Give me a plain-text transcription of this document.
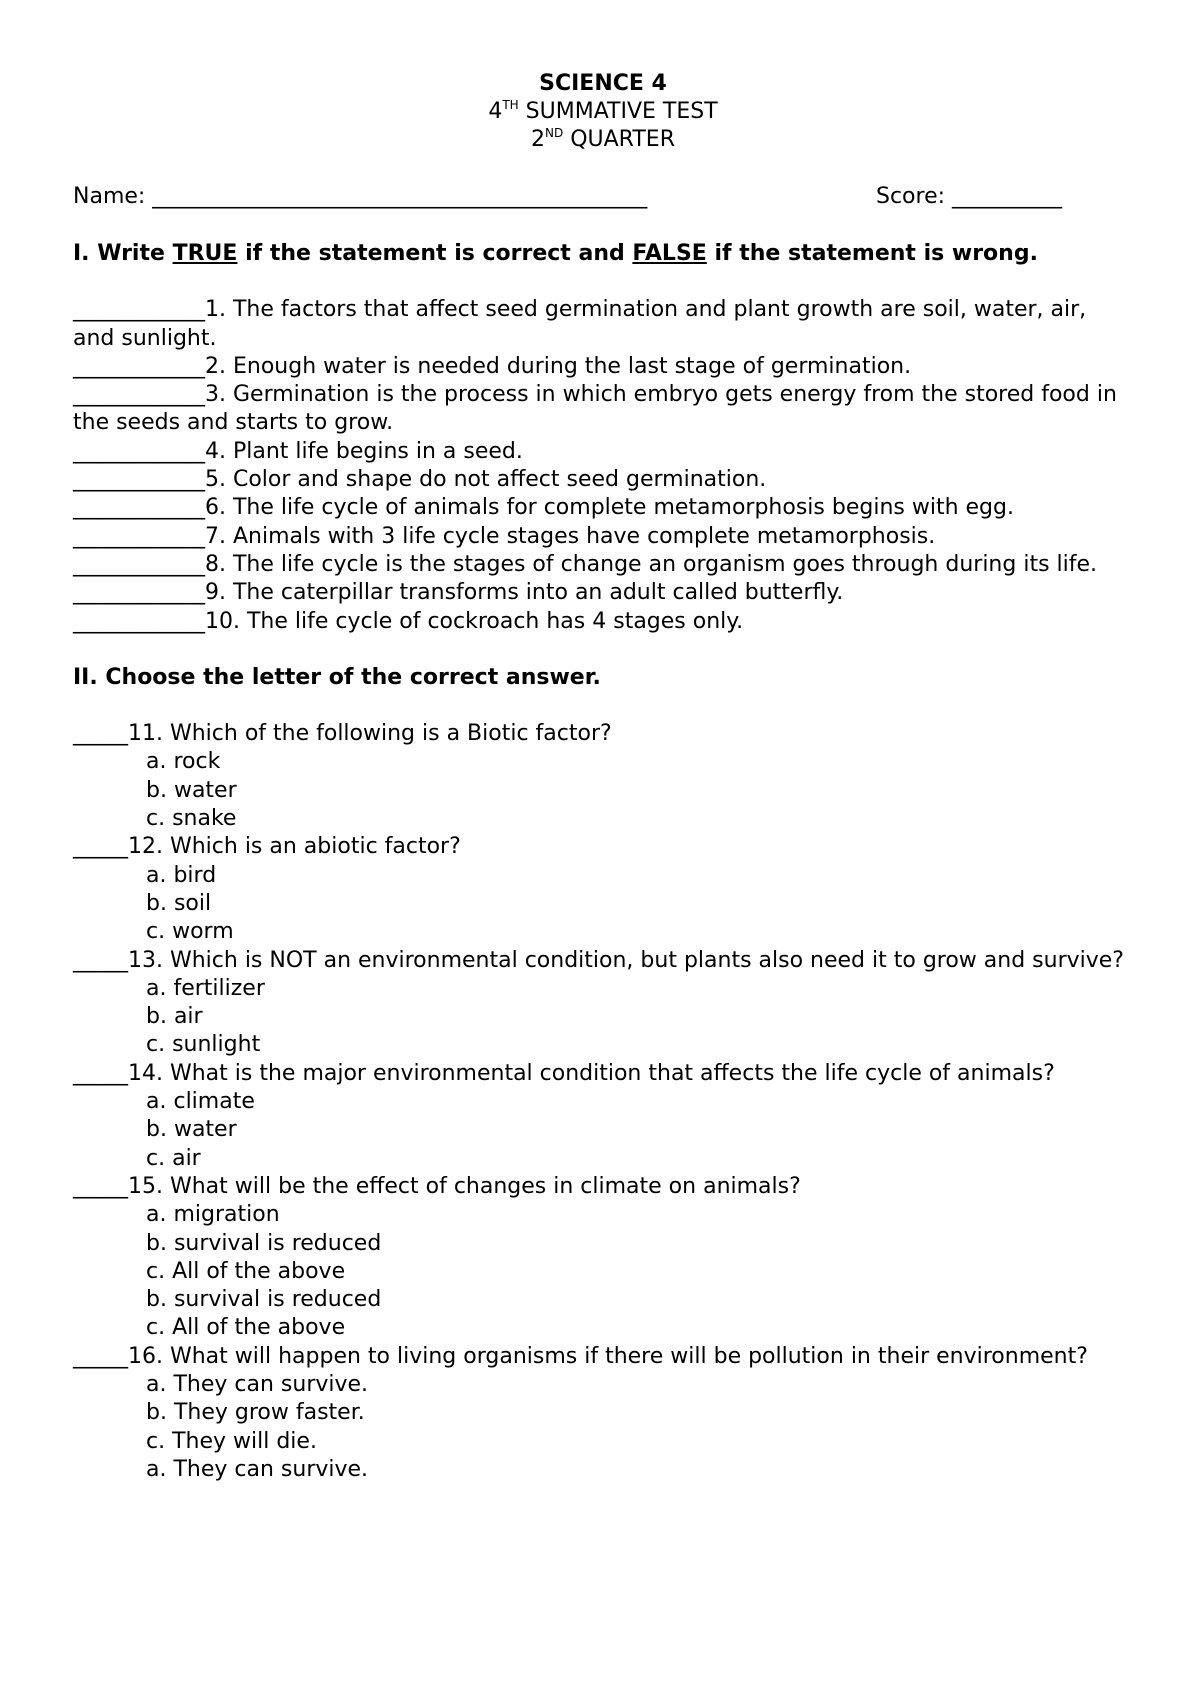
SCIENCE 4
4TH SUMMATIVE TEST
2ND QUARTER
Name: _____________________________________________	Score: __________
I. Write TRUE if the statement is correct and FALSE if the statement is wrong.
____________1. The factors that affect seed germination and plant growth are soil, water, air, and sunlight.
____________2. Enough water is needed during the last stage of germination.
____________3. Germination is the process in which embryo gets energy from the stored food in the seeds and starts to grow.
____________4. Plant life begins in a seed.
____________5. Color and shape do not affect seed germination.
____________6. The life cycle of animals for complete metamorphosis begins with egg.
____________7. Animals with 3 life cycle stages have complete metamorphosis.
____________8. The life cycle is the stages of change an organism goes through during its life.
____________9. The caterpillar transforms into an adult called butterfly.
____________10. The life cycle of cockroach has 4 stages only.
II. Choose the letter of the correct answer.
_____11. Which of the following is a Biotic factor?
a. rock
b. water
c. snake
_____12. Which is an abiotic factor?
a. bird
b. soil
c. worm
_____13. Which is NOT an environmental condition, but plants also need it to grow and survive?
a. fertilizer
b. air
c. sunlight
_____14. What is the major environmental condition that affects the life cycle of animals?
a. climate
b. water
c. air
_____15. What will be the effect of changes in climate on animals?
a. migration
b. survival is reduced
c. All of the above
b. survival is reduced
c. All of the above
_____16. What will happen to living organisms if there will be pollution in their environment?
a. They can survive.
b. They grow faster.
c. They will die.
a. They can survive.
